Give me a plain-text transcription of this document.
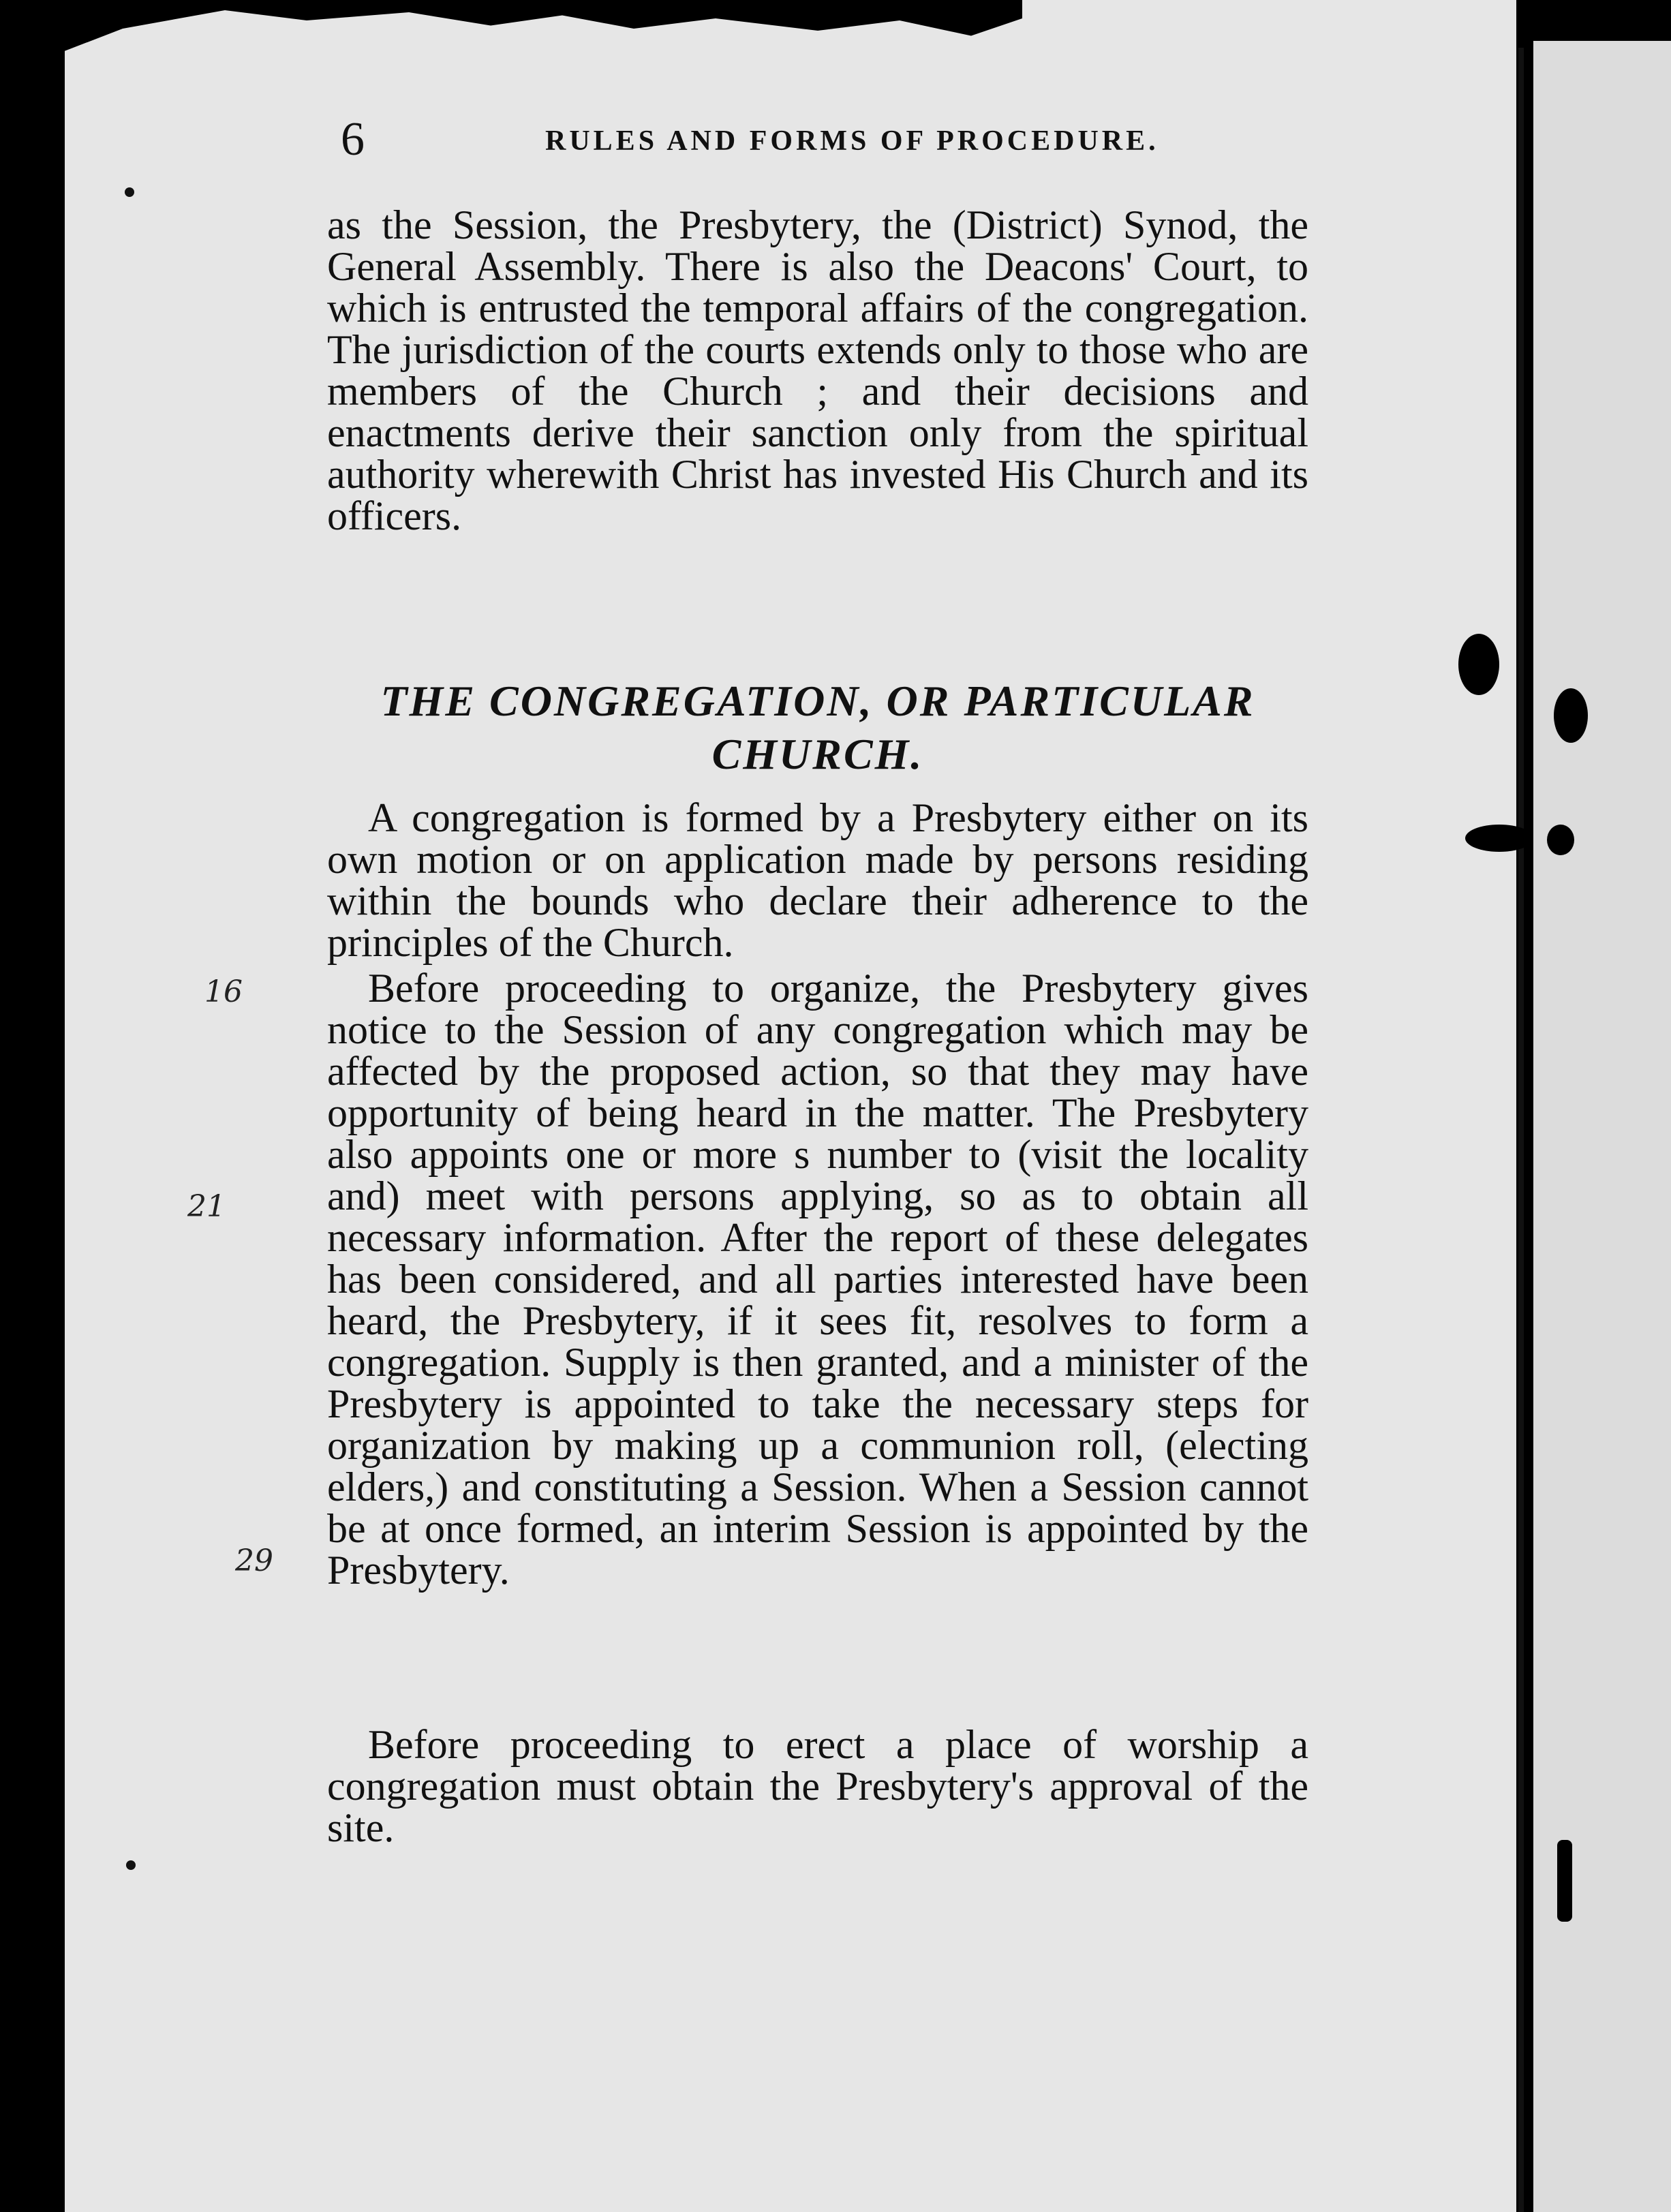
6	RULES AND FORMS OF PROCEDURE.
as the Session, the Presbytery, the (District) Synod, the General Assembly. There is also the Deacons' Court, to which is entrusted the temporal affairs of the congregation. The jurisdiction of the courts extends only to those who are members of the Church ; and their decisions and enactments derive their sanction only from the spiritual authority wherewith Christ has invested His Church and its officers.
THE CONGREGATION, OR PARTICULAR CHURCH.
A congregation is formed by a Presbytery either on its own motion or on application made by persons residing within the bounds who declare their adherence to the principles of the Church.
Before proceeding to organize, the Presbytery gives notice to the Session of any congregation which may be affected by the proposed action, so that they may have opportunity of being heard in the matter. The Presbytery also appoints one or more s number to (visit the locality and) meet with persons applying, so as to obtain all necessary information. After the report of these delegates has been considered, and all parties interested have been heard, the Presbytery, if it sees fit, resolves to form a congregation. Supply is then granted, and a minister of the Presbytery is appointed to take the necessary steps for organization by making up a communion roll, (electing elders,) and constituting a Session. When a Session cannot be at once formed, an interim Session is appointed by the Presbytery.
Before proceeding to erect a place of worship a congregation must obtain the Presbytery's approval of the site.
16
21
29
